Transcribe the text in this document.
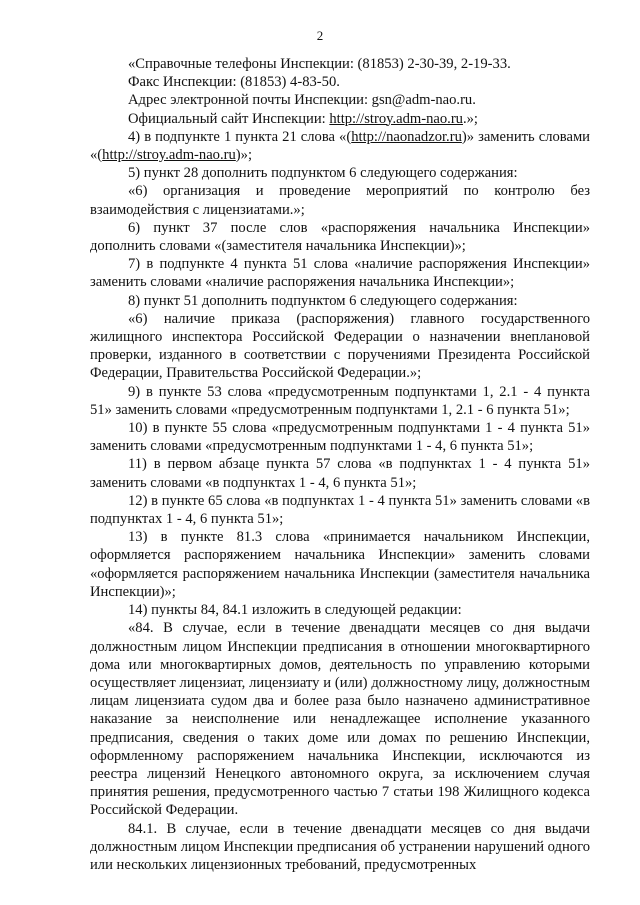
2

«Справочные телефоны Инспекции: (81853) 2-30-39, 2-19-33.

Факс Инспекции: (81853) 4-83-50.

Адрес электронной почты Инспекции: gsn@adm-nao.ru.

Официальный сайт Инспекции: http://stroy.adm-nao.ru.»;

4) в подпункте 1 пункта 21 слова «(http://naonadzor.ru)» заменить словами «(http://stroy.adm-nao.ru)»;

5) пункт 28 дополнить подпунктом 6 следующего содержания:

«6) организация и проведение мероприятий по контролю без взаимодействия с лицензиатами.»;

6) пункт 37 после слов «распоряжения начальника Инспекции» дополнить словами «(заместителя начальника Инспекции)»;

7) в подпункте 4 пункта 51 слова «наличие распоряжения Инспекции» заменить словами «наличие распоряжения начальника Инспекции»;

8) пункт 51 дополнить подпунктом 6 следующего содержания:

«6) наличие приказа (распоряжения) главного государственного жилищного инспектора Российской Федерации о назначении внеплановой проверки, изданного в соответствии с поручениями Президента Российской Федерации, Правительства Российской Федерации.»;

9) в пункте 53 слова «предусмотренным подпунктами 1, 2.1 - 4 пункта 51» заменить словами «предусмотренным подпунктами 1, 2.1 - 6 пункта 51»;

10) в пункте 55 слова «предусмотренным подпунктами 1 - 4 пункта 51» заменить словами «предусмотренным подпунктами 1 - 4, 6 пункта 51»;

11) в первом абзаце пункта 57 слова «в подпунктах 1 - 4 пункта 51» заменить словами «в подпунктах 1 - 4, 6 пункта 51»;

12) в пункте 65 слова «в подпунктах 1 - 4 пункта 51» заменить словами «в подпунктах 1 - 4, 6 пункта 51»;

13) в пункте 81.3 слова «принимается начальником Инспекции, оформляется распоряжением начальника Инспекции» заменить словами «оформляется распоряжением начальника Инспекции (заместителя начальника Инспекции)»;

14) пункты 84, 84.1 изложить в следующей редакции:

«84. В случае, если в течение двенадцати месяцев со дня выдачи должностным лицом Инспекции предписания в отношении многоквартирного дома или многоквартирных домов, деятельность по управлению которыми осуществляет лицензиат, лицензиату и (или) должностному лицу, должностным лицам лицензиата судом два и более раза было назначено административное наказание за неисполнение или ненадлежащее исполнение указанного предписания, сведения о таких доме или домах по решению Инспекции, оформленному распоряжением начальника Инспекции, исключаются из реестра лицензий Ненецкого автономного округа, за исключением случая принятия решения, предусмотренного частью 7 статьи 198 Жилищного кодекса Российской Федерации.

84.1. В случае, если в течение двенадцати месяцев со дня выдачи должностным лицом Инспекции предписания об устранении нарушений одного или нескольких лицензионных требований, предусмотренных
